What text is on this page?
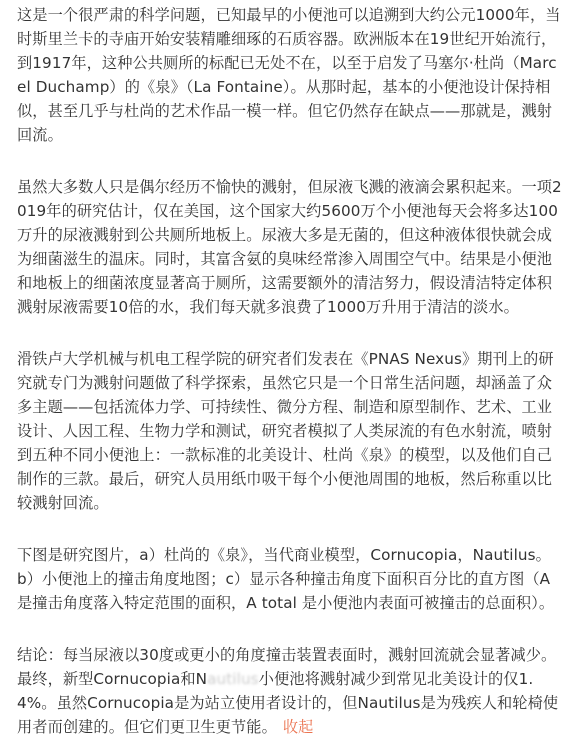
这是一个很严肃的科学问题，已知最早的小便池可以追溯到大约公元1000年，当时斯里兰卡的寺庙开始安装精雕细琢的石质容器。欧洲版本在19世纪开始流行，到1917年，这种公共厕所的标配已无处不在，以至于启发了马塞尔·杜尚（Marcel Duchamp）的《泉》（La Fontaine）。从那时起，基本的小便池设计保持相似，甚至几乎与杜尚的艺术作品一模一样。但它仍然存在缺点——那就是，溅射回流。

虽然大多数人只是偶尔经历不愉快的溅射，但尿液飞溅的液滴会累积起来。一项2019年的研究估计，仅在美国，这个国家大约5600万个小便池每天会将多达100万升的尿液溅射到公共厕所地板上。尿液大多是无菌的，但这种液体很快就会成为细菌滋生的温床。同时，其富含氨的臭味经常渗入周围空气中。结果是小便池和地板上的细菌浓度显著高于厕所，这需要额外的清洁努力，假设清洁特定体积溅射尿液需要10倍的水，我们每天就多浪费了1000万升用于清洁的淡水。

滑铁卢大学机械与机电工程学院的研究者们发表在《PNAS Nexus》期刊上的研究就专门为溅射问题做了科学探索，虽然它只是一个日常生活问题，却涵盖了众多主题——包括流体力学、可持续性、微分方程、制造和原型制作、艺术、工业设计、人因工程、生物力学和测试，研究者模拟了人类尿流的有色水射流，喷射到五种不同小便池上：一款标准的北美设计、杜尚《泉》的模型，以及他们自己制作的三款。最后，研究人员用纸巾吸干每个小便池周围的地板，然后称重以比较溅射回流。

下图是研究图片，a）杜尚的《泉》，当代商业模型，Cornucopia，Nautilus。b）小便池上的撞击角度地图；c）显示各种撞击角度下面积百分比的直方图（A 是撞击角度落入特定范围的面积，A total 是小便池内表面可被撞击的总面积）。

结论：每当尿液以30度或更小的角度撞击装置表面时，溅射回流就会显著减少。最终，新型Cornucopia和Nautilus小便池将溅射减少到常见北美设计的仅1.4%。虽然Cornucopia是为站立使用者设计的，但Nautilus是为残疾人和轮椅使用者而创建的。但它们更卫生更节能。 收起
